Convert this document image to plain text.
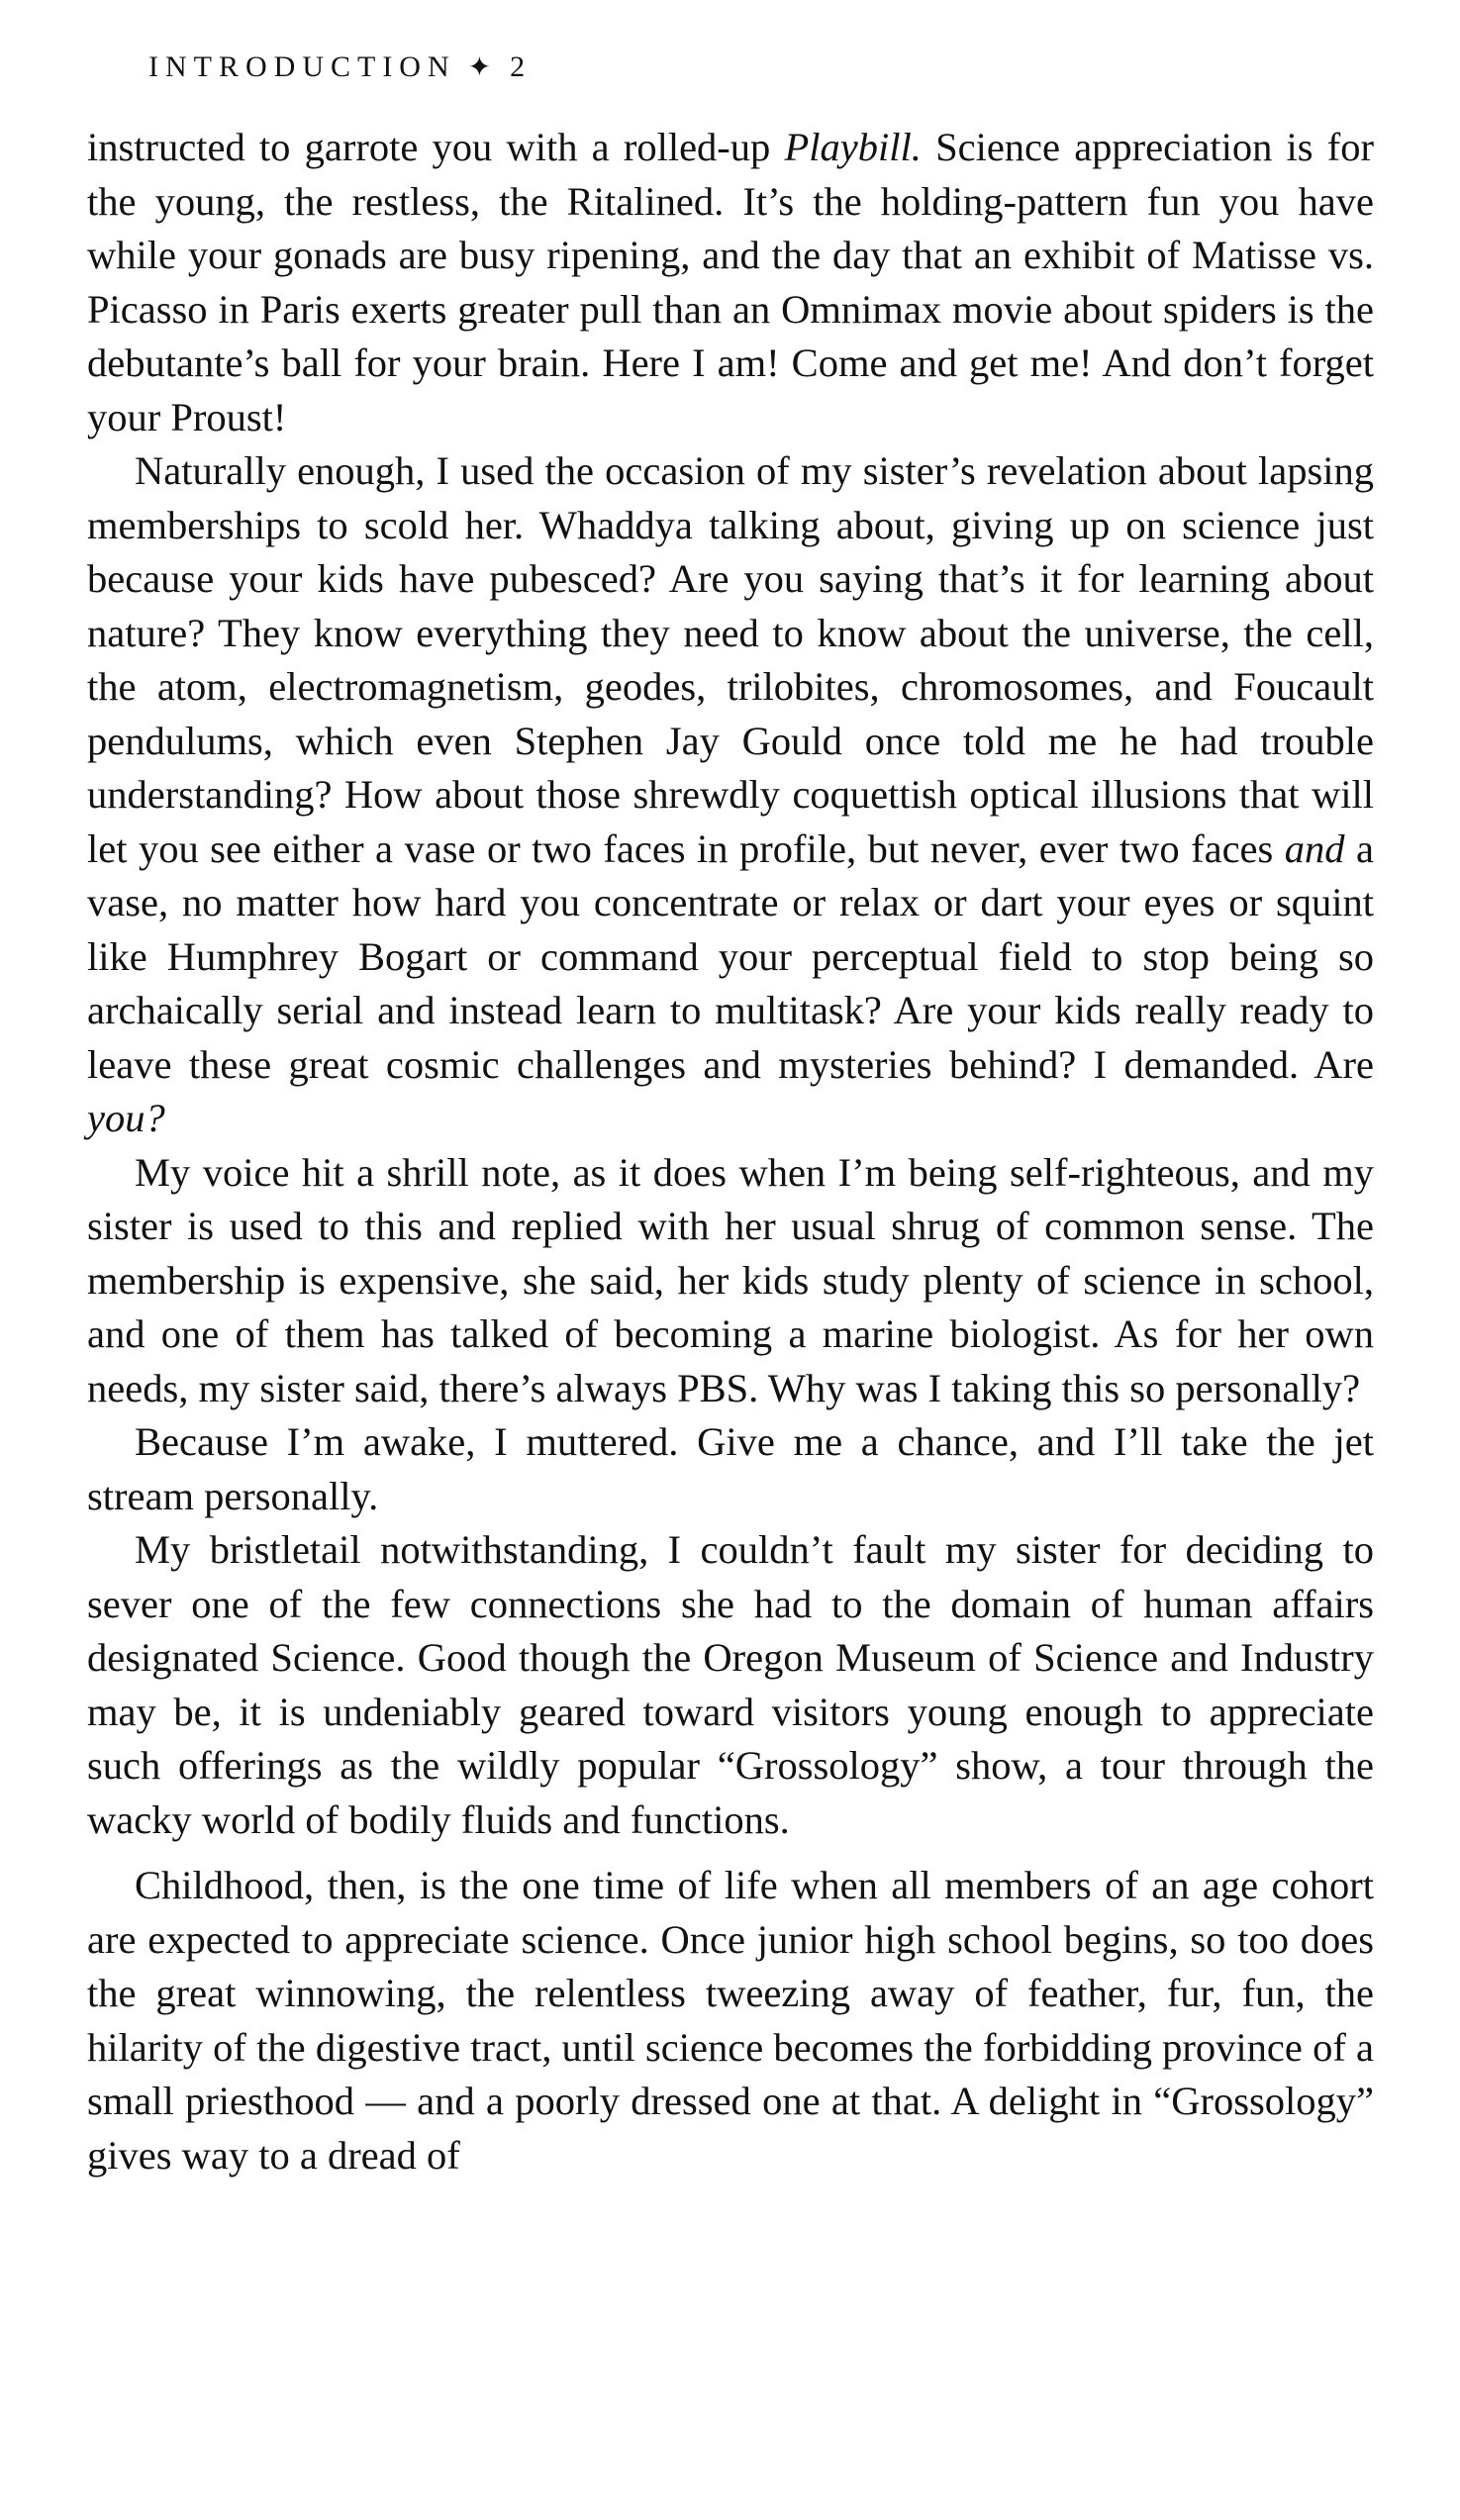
INTRODUCTION ✦ 2

instructed to garrote you with a rolled-up Playbill. Science appreciation is for the young, the restless, the Ritalined. It’s the holding-pattern fun you have while your gonads are busy ripening, and the day that an exhibit of Matisse vs. Picasso in Paris exerts greater pull than an Omnimax movie about spiders is the debutante’s ball for your brain. Here I am! Come and get me! And don’t forget your Proust!

Naturally enough, I used the occasion of my sister’s revelation about lapsing memberships to scold her. Whaddya talking about, giving up on science just because your kids have pubesced? Are you saying that’s it for learning about nature? They know everything they need to know about the universe, the cell, the atom, electromagnetism, geodes, trilobites, chromosomes, and Foucault pendulums, which even Stephen Jay Gould once told me he had trouble understanding? How about those shrewdly coquettish optical illusions that will let you see either a vase or two faces in profile, but never, ever two faces and a vase, no matter how hard you concentrate or relax or dart your eyes or squint like Humphrey Bogart or command your perceptual field to stop being so archaically serial and instead learn to multitask? Are your kids really ready to leave these great cosmic challenges and mysteries behind? I demanded. Are you?

My voice hit a shrill note, as it does when I’m being self-righteous, and my sister is used to this and replied with her usual shrug of common sense. The membership is expensive, she said, her kids study plenty of science in school, and one of them has talked of becoming a marine biologist. As for her own needs, my sister said, there’s always PBS. Why was I taking this so personally?

Because I’m awake, I muttered. Give me a chance, and I’ll take the jet stream personally.

My bristletail notwithstanding, I couldn’t fault my sister for deciding to sever one of the few connections she had to the domain of human affairs designated Science. Good though the Oregon Museum of Science and Industry may be, it is undeniably geared toward visitors young enough to appreciate such offerings as the wildly popular “Grossology” show, a tour through the wacky world of bodily fluids and functions.

Childhood, then, is the one time of life when all members of an age cohort are expected to appreciate science. Once junior high school begins, so too does the great winnowing, the relentless tweezing away of feather, fur, fun, the hilarity of the digestive tract, until science becomes the forbidding province of a small priesthood — and a poorly dressed one at that. A delight in “Grossology” gives way to a dread of
